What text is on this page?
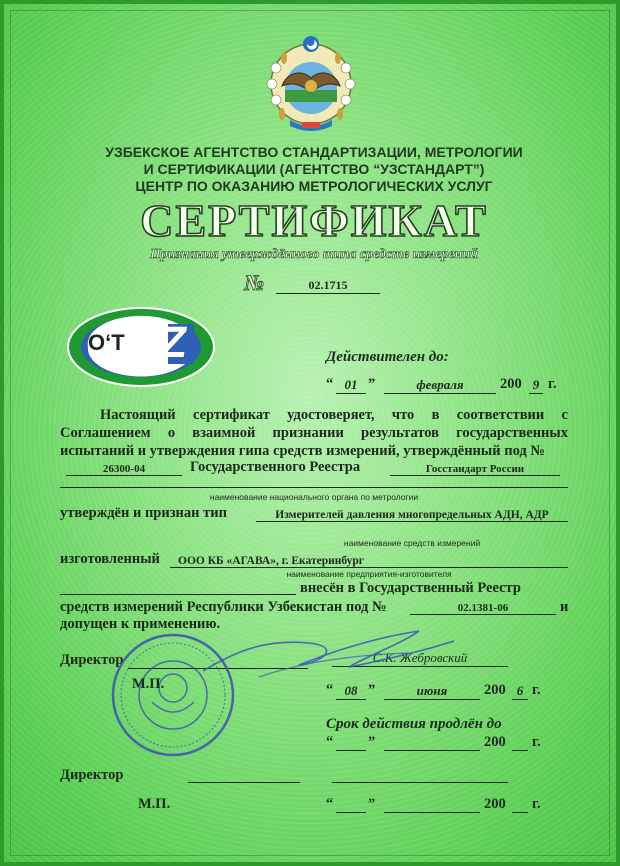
УЗБЕКСКОЕ АГЕНТСТВО СТАНДАРТИЗАЦИИ, МЕТРОЛОГИИ
И СЕРТИФИКАЦИИ (АГЕНТСТВО “УЗСТАНДАРТ”)
ЦЕНТР ПО ОКАЗАНИЮ МЕТРОЛОГИЧЕСКИХ УСЛУГ
СЕРТИФИКАТ
Признания утверждённого типа средств измерений
№	02.1715
O‘T Z	Действителен до:
“ 01 ”	февраля	200 9 г.
Настоящий сертификат удостоверяет, что в соответствии с Соглашением о взаимной признании результатов государственных испытаний и утверждения гипа средств измерений, утверждённый под №
26300-04	Государственного Реестра	Госстандарт России
наименование национального органа по метрологии
утверждён и признан тип	Измерителей давления многопредельных АДН, АДР
наименование средств измерений
изготовленный	ООО КБ «АГАВА», г. Екатеринбург
наименование предприятия-изготовителя
внесён в Государственный Реестр
средств измерений Республики Узбекистан под №	02.1381-06	и
допущен к применению.
Директор	С.К. Жебровский
М.П.	“ 08 ”	июня	200 6 г.
Срок действия продлён до
“ ”	200 г.
Директор
М.П.	“ ”	200 г.
